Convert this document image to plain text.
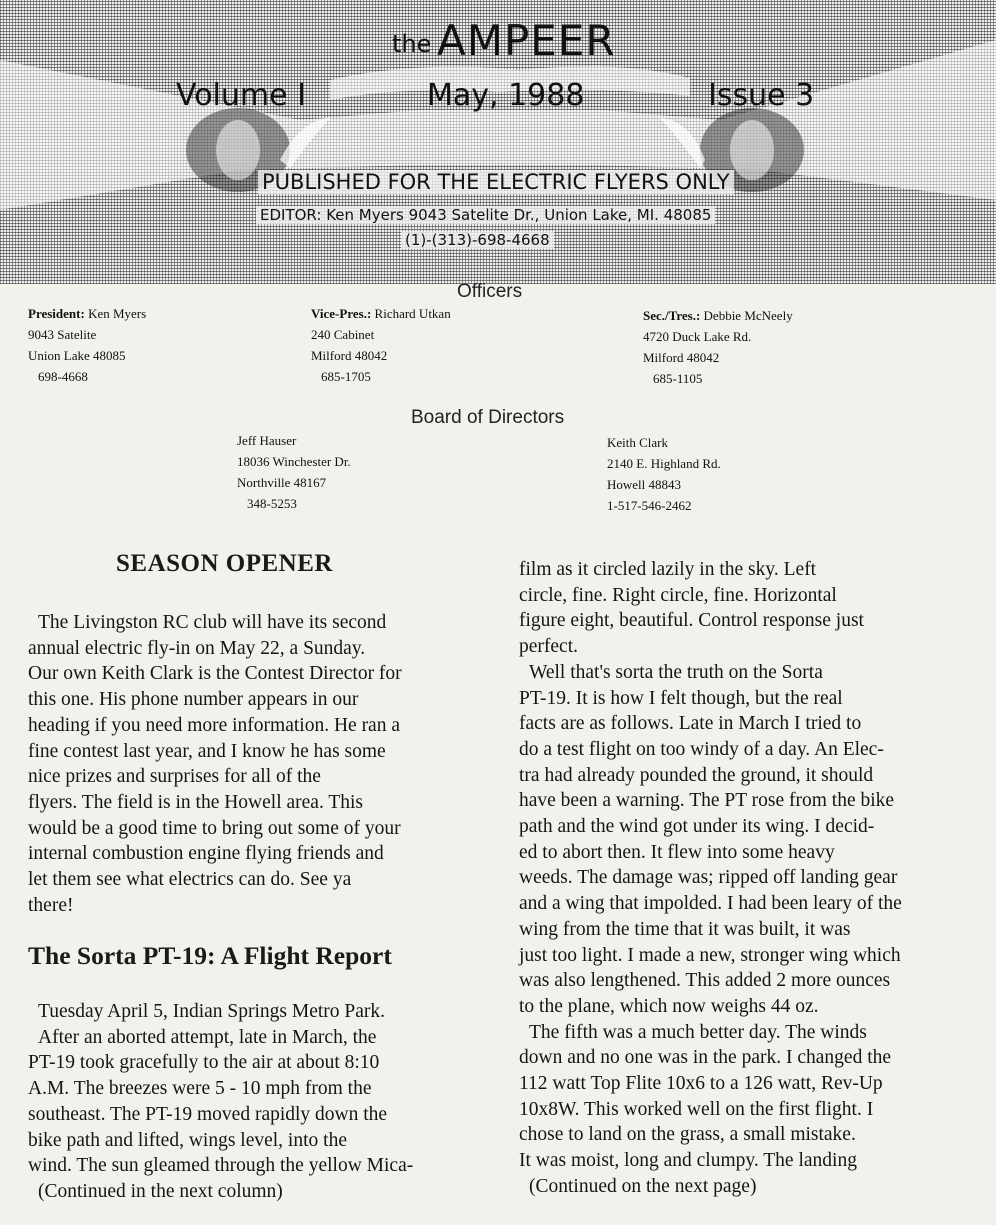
the AMPEER
Volume I	May, 1988	Issue 3
PUBLISHED FOR THE ELECTRIC FLYERS ONLY
EDITOR: Ken Myers 9043 Satelite Dr., Union Lake, MI. 48085
(1)-(313)-698-4668
Officers
President: Ken Myers
9043 Satelite
Union Lake 48085
698-4668
Vice-Pres.: Richard Utkan
240 Cabinet
Milford 48042
685-1705
Sec./Tres.: Debbie McNeely
4720 Duck Lake Rd.
Milford 48042
685-1105
Board of Directors
Jeff Hauser
18036 Winchester Dr.
Northville 48167
348-5253
Keith Clark
2140 E. Highland Rd.
Howell 48843
1-517-546-2462
SEASON OPENER
The Livingston RC club will have its second
annual electric fly-in on May 22, a Sunday.
Our own Keith Clark is the Contest Director for
this one. His phone number appears in our
heading if you need more information. He ran a
fine contest last year, and I know he has some
nice prizes and surprises for all of the
flyers. The field is in the Howell area. This
would be a good time to bring out some of your
internal combustion engine flying friends and
let them see what electrics can do. See ya
there!
The Sorta PT-19: A Flight Report
Tuesday April 5, Indian Springs Metro Park.
After an aborted attempt, late in March, the
PT-19 took gracefully to the air at about 8:10
A.M. The breezes were 5 - 10 mph from the
southeast. The PT-19 moved rapidly down the
bike path and lifted, wings level, into the
wind. The sun gleamed through the yellow Mica-
(Continued in the next column)
film as it circled lazily in the sky. Left
circle, fine. Right circle, fine. Horizontal
figure eight, beautiful. Control response just
perfect.
Well that's sorta the truth on the Sorta
PT-19. It is how I felt though, but the real
facts are as follows. Late in March I tried to
do a test flight on too windy of a day. An Elec-
tra had already pounded the ground, it should
have been a warning. The PT rose from the bike
path and the wind got under its wing. I decid-
ed to abort then. It flew into some heavy
weeds. The damage was; ripped off landing gear
and a wing that impolded. I had been leary of the
wing from the time that it was built, it was
just too light. I made a new, stronger wing which
was also lengthened. This added 2 more ounces
to the plane, which now weighs 44 oz.
The fifth was a much better day. The winds
down and no one was in the park. I changed the
112 watt Top Flite 10x6 to a 126 watt, Rev-Up
10x8W. This worked well on the first flight. I
chose to land on the grass, a small mistake.
It was moist, long and clumpy. The landing
(Continued on the next page)
